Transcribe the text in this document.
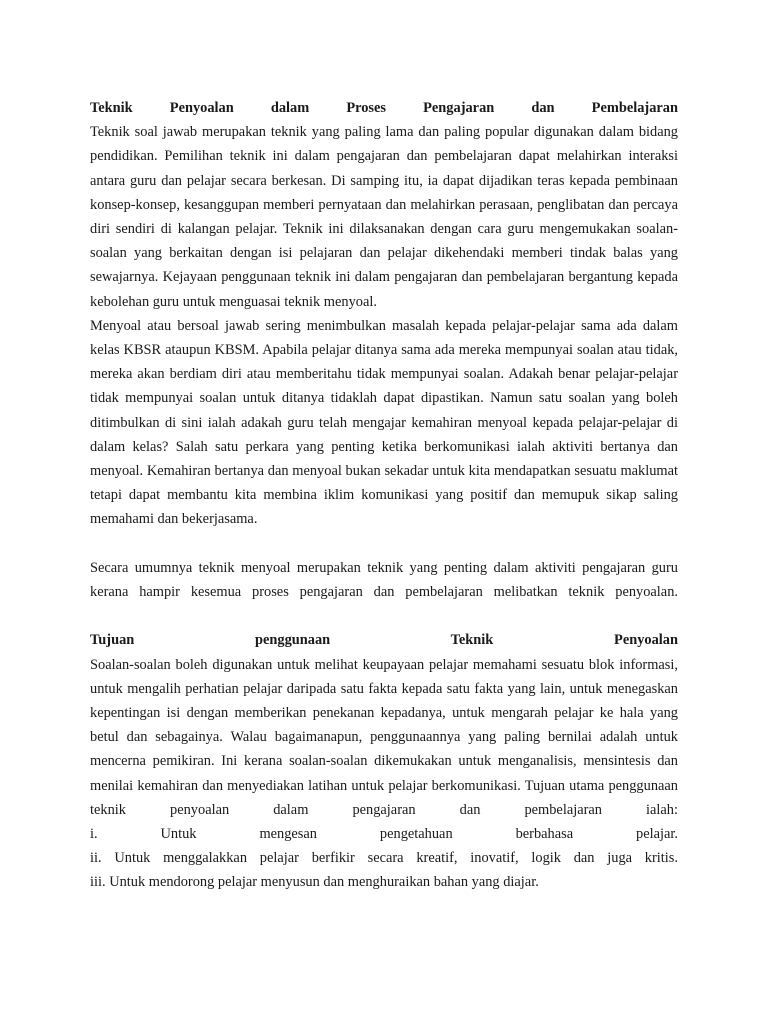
Teknik Penyoalan dalam Proses Pengajaran dan Pembelajaran

Teknik soal jawab merupakan teknik yang paling lama dan paling popular digunakan dalam bidang pendidikan. Pemilihan teknik ini dalam pengajaran dan pembelajaran dapat melahirkan interaksi antara guru dan pelajar secara berkesan. Di samping itu, ia dapat dijadikan teras kepada pembinaan konsep-konsep, kesanggupan memberi pernyataan dan melahirkan perasaan, penglibatan dan percaya diri sendiri di kalangan pelajar. Teknik ini dilaksanakan dengan cara guru mengemukakan soalan-soalan yang berkaitan dengan isi pelajaran dan pelajar dikehendaki memberi tindak balas yang sewajarnya. Kejayaan penggunaan teknik ini dalam pengajaran dan pembelajaran bergantung kepada kebolehan guru untuk menguasai teknik menyoal.

Menyoal atau bersoal jawab sering menimbulkan masalah kepada pelajar-pelajar sama ada dalam kelas KBSR ataupun KBSM. Apabila pelajar ditanya sama ada mereka mempunyai soalan atau tidak, mereka akan berdiam diri atau memberitahu tidak mempunyai soalan. Adakah benar pelajar-pelajar tidak mempunyai soalan untuk ditanya tidaklah dapat dipastikan. Namun satu soalan yang boleh ditimbulkan di sini ialah adakah guru telah mengajar kemahiran menyoal kepada pelajar-pelajar di dalam kelas? Salah satu perkara yang penting ketika berkomunikasi ialah aktiviti bertanya dan menyoal. Kemahiran bertanya dan menyoal bukan sekadar untuk kita mendapatkan sesuatu maklumat tetapi dapat membantu kita membina iklim komunikasi yang positif dan memupuk sikap saling memahami dan bekerjasama.

Secara umumnya teknik menyoal merupakan teknik yang penting dalam aktiviti pengajaran guru kerana hampir kesemua proses pengajaran dan pembelajaran melibatkan teknik penyoalan.

Tujuan penggunaan Teknik Penyoalan

Soalan-soalan boleh digunakan untuk melihat keupayaan pelajar memahami sesuatu blok informasi, untuk mengalih perhatian pelajar daripada satu fakta kepada satu fakta yang lain, untuk menegaskan kepentingan isi dengan memberikan penekanan kepadanya, untuk mengarah pelajar ke hala yang betul dan sebagainya. Walau bagaimanapun, penggunaannya yang paling bernilai adalah untuk mencerna pemikiran. Ini kerana soalan-soalan dikemukakan untuk menganalisis, mensintesis dan menilai kemahiran dan menyediakan latihan untuk pelajar berkomunikasi. Tujuan utama penggunaan teknik penyoalan dalam pengajaran dan pembelajaran ialah:

i. Untuk mengesan pengetahuan berbahasa pelajar.

ii. Untuk menggalakkan pelajar berfikir secara kreatif, inovatif, logik dan juga kritis.

iii. Untuk mendorong pelajar menyusun dan menghuraikan bahan yang diajar.
